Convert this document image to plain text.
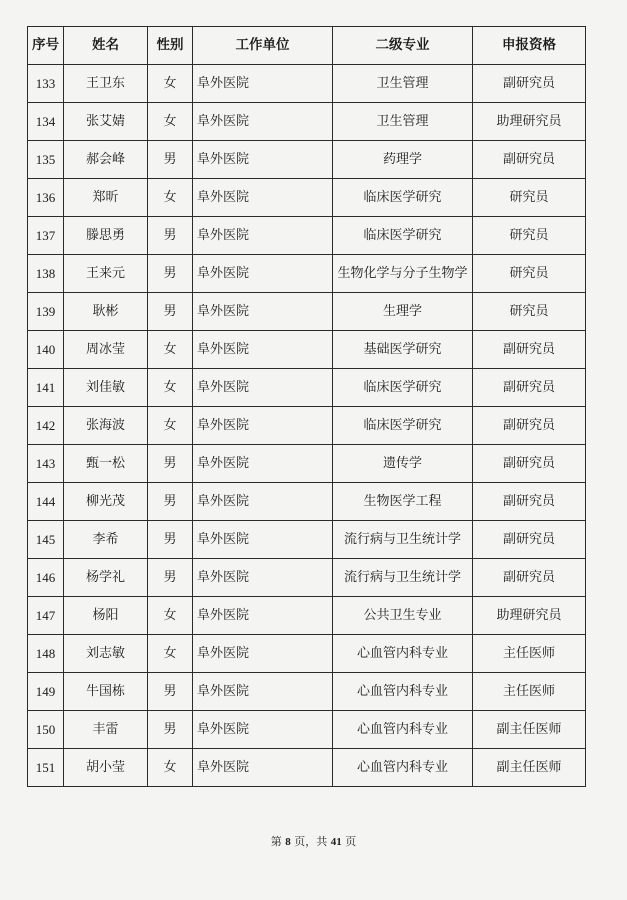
序号	姓名	性别	工作单位	二级专业	申报资格
133	王卫东	女	阜外医院	卫生管理	副研究员
134	张艾婧	女	阜外医院	卫生管理	助理研究员
135	郝会峰	男	阜外医院	药理学	副研究员
136	郑昕	女	阜外医院	临床医学研究	研究员
137	滕思勇	男	阜外医院	临床医学研究	研究员
138	王来元	男	阜外医院	生物化学与分子生物学	研究员
139	耿彬	男	阜外医院	生理学	研究员
140	周冰莹	女	阜外医院	基础医学研究	副研究员
141	刘佳敏	女	阜外医院	临床医学研究	副研究员
142	张海波	女	阜外医院	临床医学研究	副研究员
143	甄一松	男	阜外医院	遗传学	副研究员
144	柳光茂	男	阜外医院	生物医学工程	副研究员
145	李希	男	阜外医院	流行病与卫生统计学	副研究员
146	杨学礼	男	阜外医院	流行病与卫生统计学	副研究员
147	杨阳	女	阜外医院	公共卫生专业	助理研究员
148	刘志敏	女	阜外医院	心血管内科专业	主任医师
149	牛国栋	男	阜外医院	心血管内科专业	主任医师
150	丰雷	男	阜外医院	心血管内科专业	副主任医师
151	胡小莹	女	阜外医院	心血管内科专业	副主任医师
第 8 页，共 41 页
